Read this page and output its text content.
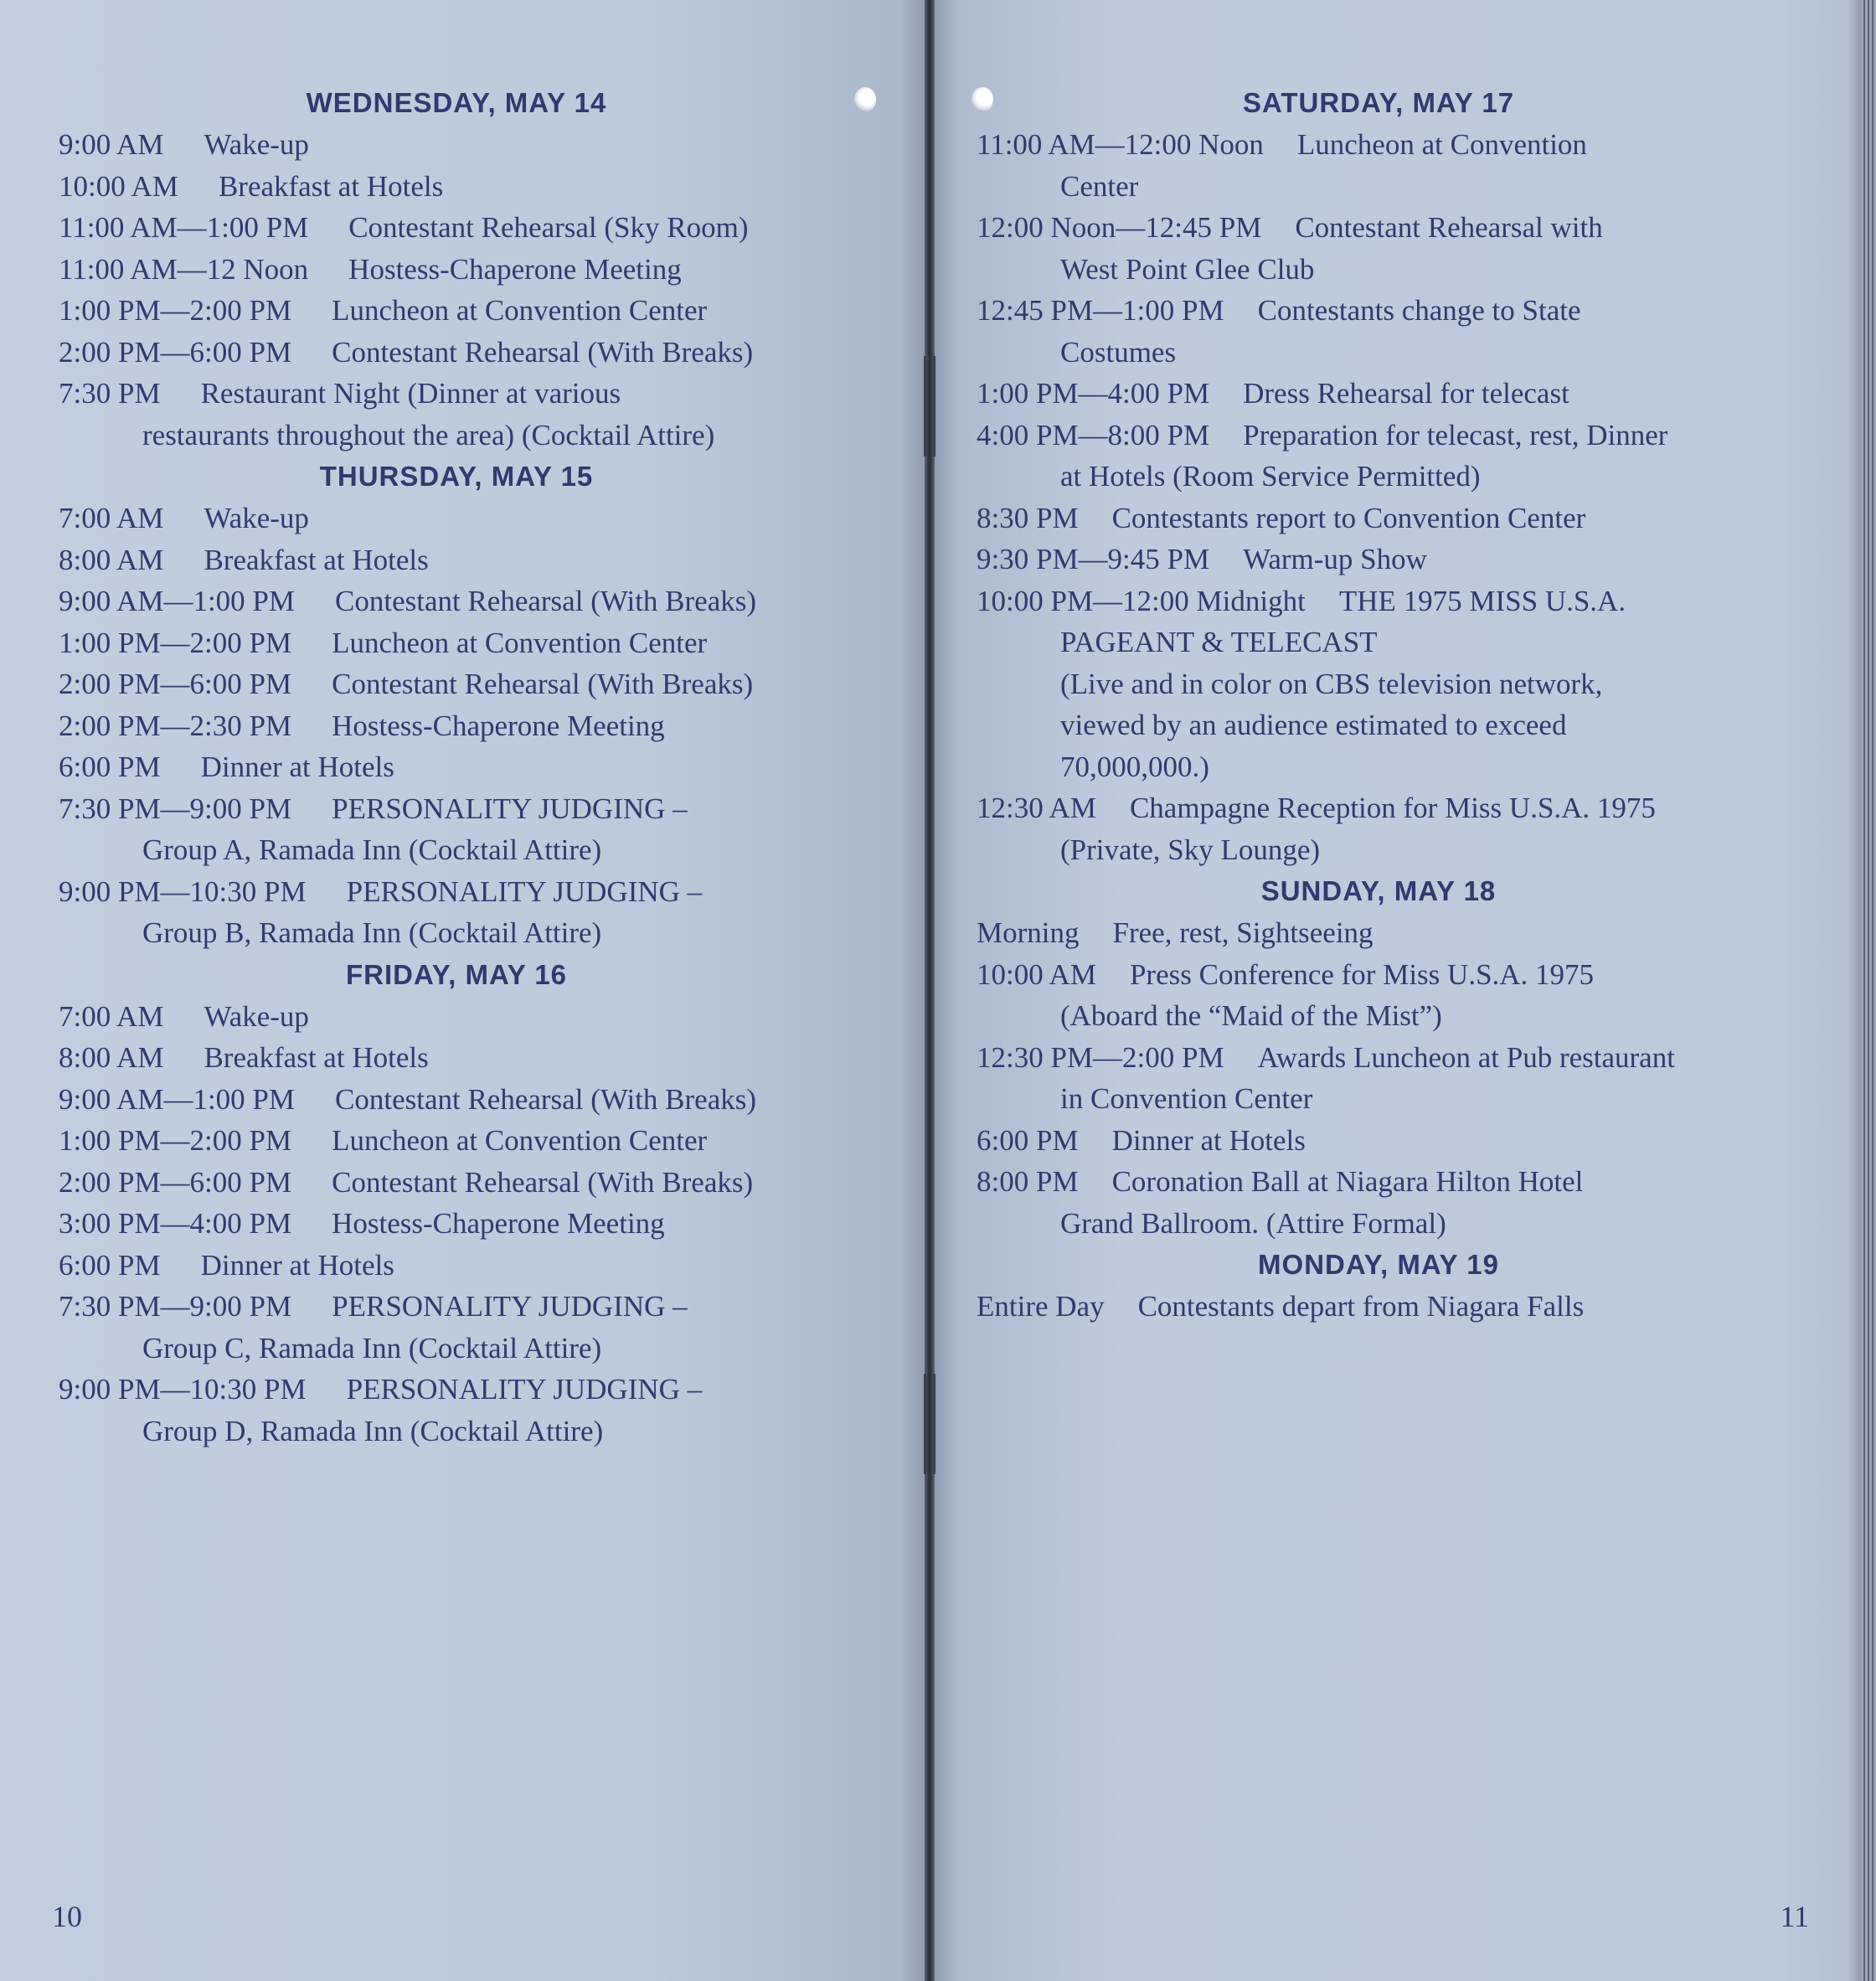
WEDNESDAY, MAY 14
9:00 AM Wake-up
10:00 AM Breakfast at Hotels
11:00 AM—1:00 PM Contestant Rehearsal (Sky Room)
11:00 AM—12 Noon Hostess-Chaperone Meeting
1:00 PM—2:00 PM Luncheon at Convention Center
2:00 PM—6:00 PM Contestant Rehearsal (With Breaks)
7:30 PM Restaurant Night (Dinner at various
restaurants throughout the area) (Cocktail Attire)
THURSDAY, MAY 15
7:00 AM Wake-up
8:00 AM Breakfast at Hotels
9:00 AM—1:00 PM Contestant Rehearsal (With Breaks)
1:00 PM—2:00 PM Luncheon at Convention Center
2:00 PM—6:00 PM Contestant Rehearsal (With Breaks)
2:00 PM—2:30 PM Hostess-Chaperone Meeting
6:00 PM Dinner at Hotels
7:30 PM—9:00 PM PERSONALITY JUDGING –
Group A, Ramada Inn (Cocktail Attire)
9:00 PM—10:30 PM PERSONALITY JUDGING –
Group B, Ramada Inn (Cocktail Attire)
FRIDAY, MAY 16
7:00 AM Wake-up
8:00 AM Breakfast at Hotels
9:00 AM—1:00 PM Contestant Rehearsal (With Breaks)
1:00 PM—2:00 PM Luncheon at Convention Center
2:00 PM—6:00 PM Contestant Rehearsal (With Breaks)
3:00 PM—4:00 PM Hostess-Chaperone Meeting
6:00 PM Dinner at Hotels
7:30 PM—9:00 PM PERSONALITY JUDGING –
Group C, Ramada Inn (Cocktail Attire)
9:00 PM—10:30 PM PERSONALITY JUDGING –
Group D, Ramada Inn (Cocktail Attire)
10
SATURDAY, MAY 17
11:00 AM—12:00 Noon Luncheon at Convention
Center
12:00 Noon—12:45 PM Contestant Rehearsal with
West Point Glee Club
12:45 PM—1:00 PM Contestants change to State
Costumes
1:00 PM—4:00 PM Dress Rehearsal for telecast
4:00 PM—8:00 PM Preparation for telecast, rest, Dinner
at Hotels (Room Service Permitted)
8:30 PM Contestants report to Convention Center
9:30 PM—9:45 PM Warm-up Show
10:00 PM—12:00 Midnight THE 1975 MISS U.S.A.
PAGEANT & TELECAST
(Live and in color on CBS television network,
viewed by an audience estimated to exceed
70,000,000.)
12:30 AM Champagne Reception for Miss U.S.A. 1975
(Private, Sky Lounge)
SUNDAY, MAY 18
Morning Free, rest, Sightseeing
10:00 AM Press Conference for Miss U.S.A. 1975
(Aboard the “Maid of the Mist”)
12:30 PM—2:00 PM Awards Luncheon at Pub restaurant
in Convention Center
6:00 PM Dinner at Hotels
8:00 PM Coronation Ball at Niagara Hilton Hotel
Grand Ballroom. (Attire Formal)
MONDAY, MAY 19
Entire Day Contestants depart from Niagara Falls
11
